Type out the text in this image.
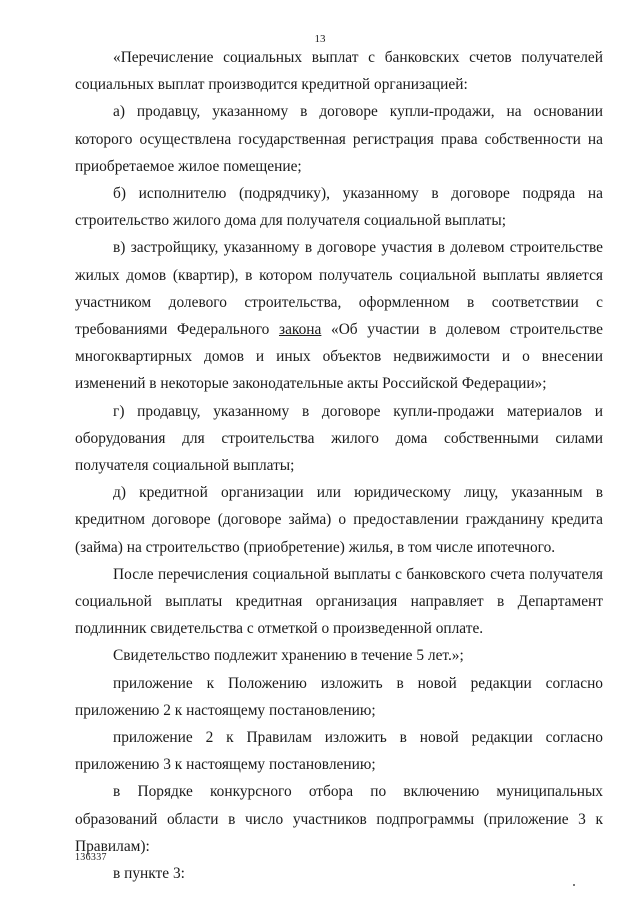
13

«Перечисление социальных выплат с банковских счетов получателей социальных выплат производится кредитной организацией:

а) продавцу, указанному в договоре купли-продажи, на основании которого осуществлена государственная регистрация права собственности на приобретаемое жилое помещение;

б) исполнителю (подрядчику), указанному в договоре подряда на строительство жилого дома для получателя социальной выплаты;

в) застройщику, указанному в договоре участия в долевом строительстве жилых домов (квартир), в котором получатель социальной выплаты является участником долевого строительства, оформленном в соответствии с требованиями Федерального закона «Об участии в долевом строительстве многоквартирных домов и иных объектов недвижимости и о внесении изменений в некоторые законодательные акты Российской Федерации»;

г) продавцу, указанному в договоре купли-продажи материалов и оборудования для строительства жилого дома собственными силами получателя социальной выплаты;

д) кредитной организации или юридическому лицу, указанным в кредитном договоре (договоре займа) о предоставлении гражданину кредита (займа) на строительство (приобретение) жилья, в том числе ипотечного.

После перечисления социальной выплаты с банковского счета получателя социальной выплаты кредитная организация направляет в Департамент подлинник свидетельства с отметкой о произведенной оплате.

Свидетельство подлежит хранению в течение 5 лет.»;

приложение к Положению изложить в новой редакции согласно приложению 2 к настоящему постановлению;

приложение 2 к Правилам изложить в новой редакции согласно приложению 3 к настоящему постановлению;

в Порядке конкурсного отбора по включению муниципальных образований области в число участников подпрограммы (приложение 3 к Правилам):

в пункте 3:

136337
